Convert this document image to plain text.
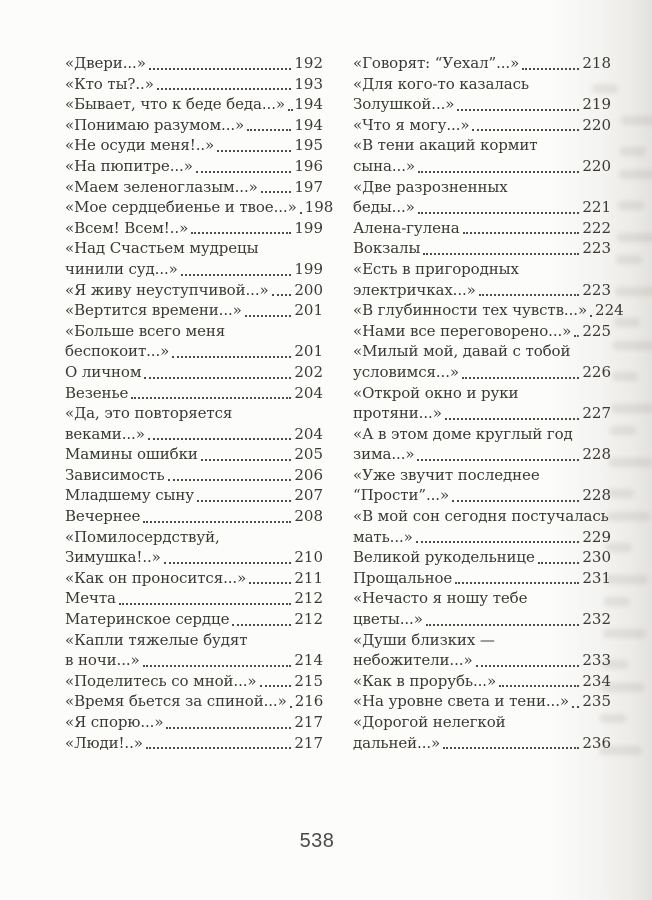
«Двери...»	192
«Кто ты?..»	193
«Бывает, что к беде беда...» 194
«Понимаю разумом...»	194
«Не осуди меня!..»	195
«На пюпитре...»	196
«Маем зеленоглазым...» 197
«Мое сердцебиенье и твое...» 198
«Всем! Всем!..»	199
«Над Счастьем мудрецы
чинили суд...»	199
«Я живу неуступчивой...» 200
«Вертится времени...»	201
«Больше всего меня
беспокоит...»	201
О личном	202
Везенье	204
«Да, это повторяется
веками...»	204
Мамины ошибки	205
Зависимость	206
Младшему сыну	207
Вечернее	208
«Помилосердствуй,
Зимушка!..»	210
«Как он проносится...»	211
Мечта	212
Материнское сердце	212
«Капли тяжелые будят
в ночи...»	214
«Поделитесь со мной...»	215
«Время бьется за спиной...» 216
«Я спорю...»	217
«Люди!..»	217
«Говорят: “Уехал”...»	218
«Для кого-то казалась
Золушкой...»	219
«Что я могу...»	220
«В тени акаций кормит
сына...»	220
«Две разрозненных
беды...»	221
Алена-гулена	222
Вокзалы	223
«Есть в пригородных
электричках...»	223
«В глубинности тех чувств...» 224
«Нами все переговорено...» 225
«Милый мой, давай с тобой
условимся...»	226
«Открой окно и руки
протяни...»	227
«А в этом доме круглый год
зима...»	228
«Уже звучит последнее
“Прости”...»	228
«В мой сон сегодня постучалась
мать...»	229
Великой рукодельнице	230
Прощальное	231
«Нечасто я ношу тебе
цветы...»	232
«Души близких —
небожители...»	233
«Как в прорубь...»	234
«На уровне света и тени...» 235
«Дорогой нелегкой
дальней...»	236
538
